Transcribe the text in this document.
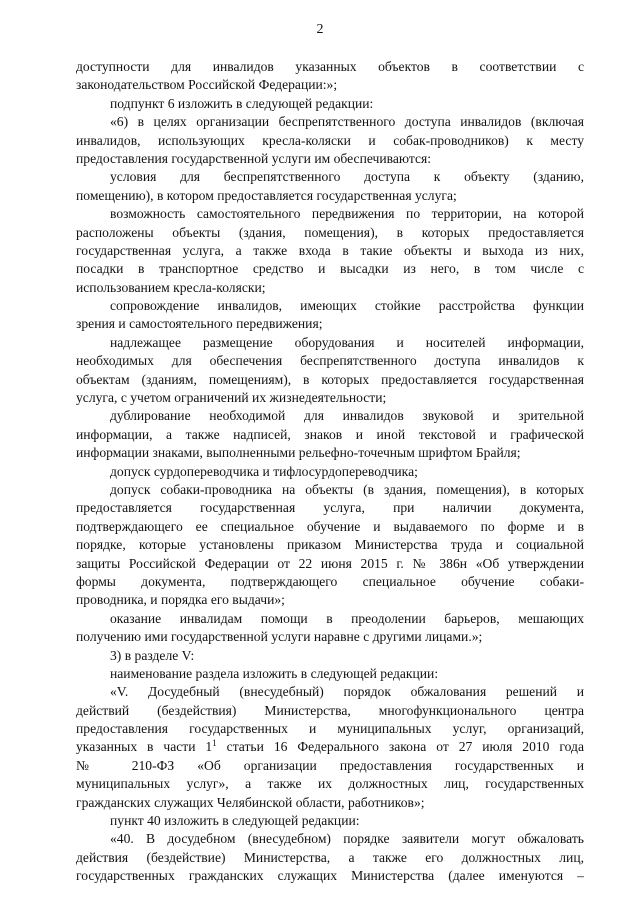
2
доступности для инвалидов указанных объектов в соответствии с
законодательством Российской Федерации:»;
подпункт 6 изложить в следующей редакции:
«6) в целях организации беспрепятственного доступа инвалидов (включая
инвалидов, использующих кресла-коляски и собак-проводников) к месту
предоставления государственной услуги им обеспечиваются:
условия для беспрепятственного доступа к объекту (зданию,
помещению), в котором предоставляется государственная услуга;
возможность самостоятельного передвижения по территории, на которой
расположены объекты (здания, помещения), в которых предоставляется
государственная услуга, а также входа в такие объекты и выхода из них,
посадки в транспортное средство и высадки из него, в том числе с
использованием кресла-коляски;
сопровождение инвалидов, имеющих стойкие расстройства функции
зрения и самостоятельного передвижения;
надлежащее размещение оборудования и носителей информации,
необходимых для обеспечения беспрепятственного доступа инвалидов к
объектам (зданиям, помещениям), в которых предоставляется государственная
услуга, с учетом ограничений их жизнедеятельности;
дублирование необходимой для инвалидов звуковой и зрительной
информации, а также надписей, знаков и иной текстовой и графической
информации знаками, выполненными рельефно-точечным шрифтом Брайля;
допуск сурдопереводчика и тифлосурдопереводчика;
допуск собаки-проводника на объекты (в здания, помещения), в которых
предоставляется государственная услуга, при наличии документа,
подтверждающего ее специальное обучение и выдаваемого по форме и в
порядке, которые установлены приказом Министерства труда и социальной
защиты Российской Федерации от 22 июня 2015 г. № 386н «Об утверждении
формы документа, подтверждающего специальное обучение собаки-
проводника, и порядка его выдачи»;
оказание инвалидам помощи в преодолении барьеров, мешающих
получению ими государственной услуги наравне с другими лицами.»;
3) в разделе V:
наименование раздела изложить в следующей редакции:
«V. Досудебный (внесудебный) порядок обжалования решений и
действий (бездействия) Министерства, многофункционального центра
предоставления государственных и муниципальных услуг, организаций,
указанных в части $1^1$ статьи 16 Федерального закона от 27 июля 2010 года
№ 210-ФЗ «Об организации предоставления государственных и
муниципальных услуг», а также их должностных лиц, государственных
гражданских служащих Челябинской области, работников»;
пункт 40 изложить в следующей редакции:
«40. В досудебном (внесудебном) порядке заявители могут обжаловать
действия (бездействие) Министерства, а также его должностных лиц,
государственных гражданских служащих Министерства (далее именуются –
